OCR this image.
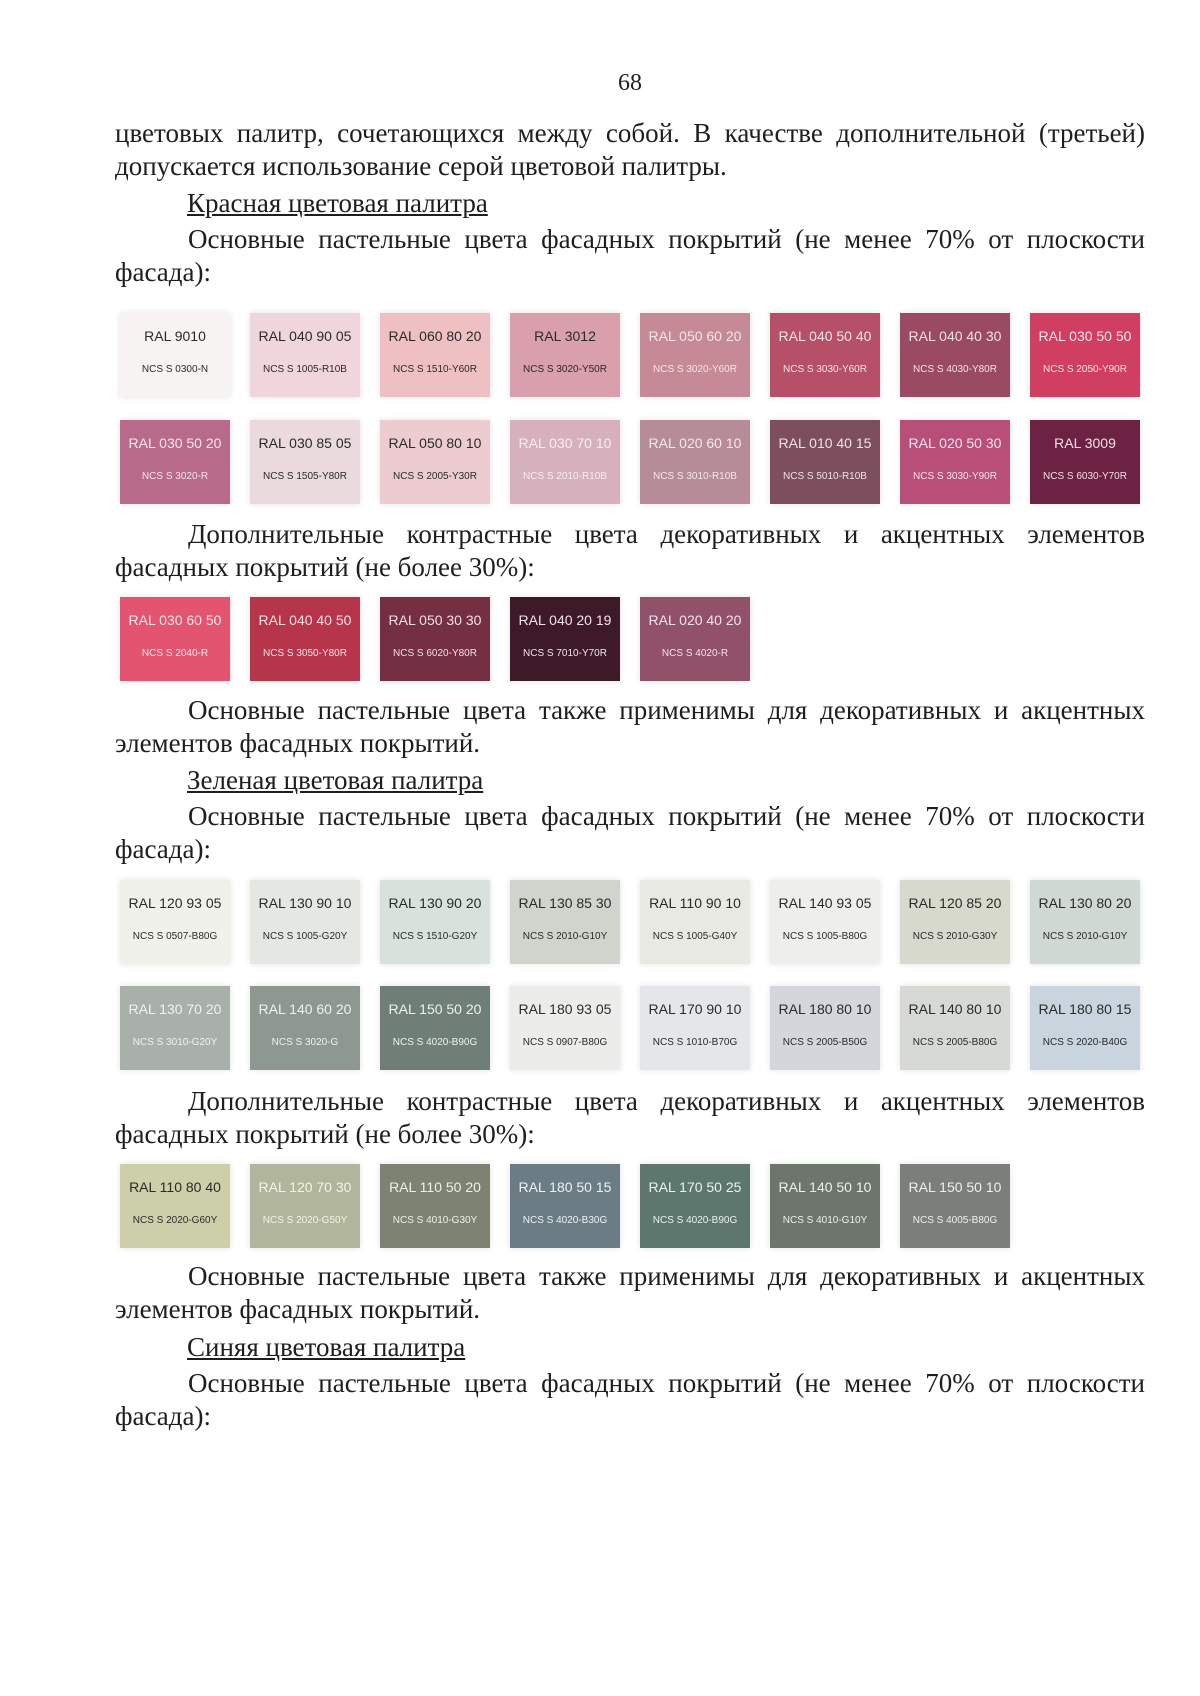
68

цветовых палитр, сочетающихся между собой. В качестве дополнительной (третьей) допускается использование серой цветовой палитры.

Красная цветовая палитра

Основные пастельные цвета фасадных покрытий (не менее 70% от плоскости фасада):

RAL 9010
NCS S 0300-N
RAL 040 90 05
NCS S 1005-R10B
RAL 060 80 20
NCS S 1510-Y60R
RAL 3012
NCS S 3020-Y50R
RAL 050 60 20
NCS S 3020-Y60R
RAL 040 50 40
NCS S 3030-Y60R
RAL 040 40 30
NCS S 4030-Y80R
RAL 030 50 50
NCS S 2050-Y90R
RAL 030 50 20
NCS S 3020-R
RAL 030 85 05
NCS S 1505-Y80R
RAL 050 80 10
NCS S 2005-Y30R
RAL 030 70 10
NCS S 2010-R10B
RAL 020 60 10
NCS S 3010-R10B
RAL 010 40 15
NCS S 5010-R10B
RAL 020 50 30
NCS S 3030-Y90R
RAL 3009
NCS S 6030-Y70R

Дополнительные контрастные цвета декоративных и акцентных элементов фасадных покрытий (не более 30%):

RAL 030 60 50
NCS S 2040-R
RAL 040 40 50
NCS S 3050-Y80R
RAL 050 30 30
NCS S 6020-Y80R
RAL 040 20 19
NCS S 7010-Y70R
RAL 020 40 20
NCS S 4020-R

Основные пастельные цвета также применимы для декоративных и акцентных элементов фасадных покрытий.

Зеленая цветовая палитра

Основные пастельные цвета фасадных покрытий (не менее 70% от плоскости фасада):

RAL 120 93 05
NCS S 0507-B80G
RAL 130 90 10
NCS S 1005-G20Y
RAL 130 90 20
NCS S 1510-G20Y
RAL 130 85 30
NCS S 2010-G10Y
RAL 110 90 10
NCS S 1005-G40Y
RAL 140 93 05
NCS S 1005-B80G
RAL 120 85 20
NCS S 2010-G30Y
RAL 130 80 20
NCS S 2010-G10Y
RAL 130 70 20
NCS S 3010-G20Y
RAL 140 60 20
NCS S 3020-G
RAL 150 50 20
NCS S 4020-B90G
RAL 180 93 05
NCS S 0907-B80G
RAL 170 90 10
NCS S 1010-B70G
RAL 180 80 10
NCS S 2005-B50G
RAL 140 80 10
NCS S 2005-B80G
RAL 180 80 15
NCS S 2020-B40G

Дополнительные контрастные цвета декоративных и акцентных элементов фасадных покрытий (не более 30%):

RAL 110 80 40
NCS S 2020-G60Y
RAL 120 70 30
NCS S 2020-G50Y
RAL 110 50 20
NCS S 4010-G30Y
RAL 180 50 15
NCS S 4020-B30G
RAL 170 50 25
NCS S 4020-B90G
RAL 140 50 10
NCS S 4010-G10Y
RAL 150 50 10
NCS S 4005-B80G

Основные пастельные цвета также применимы для декоративных и акцентных элементов фасадных покрытий.

Синяя цветовая палитра

Основные пастельные цвета фасадных покрытий (не менее 70% от плоскости фасада):
